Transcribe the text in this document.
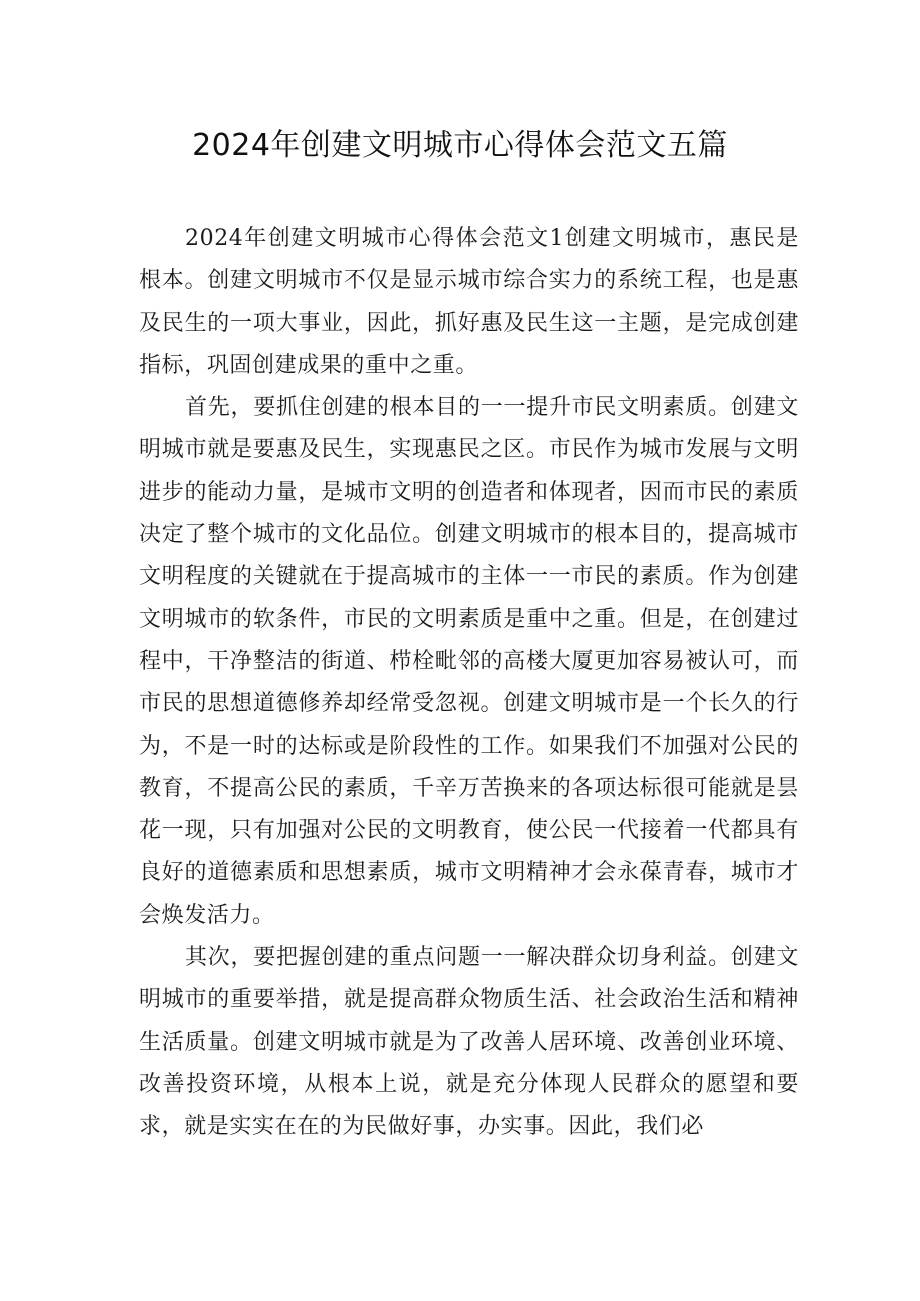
2024年创建文明城市心得体会范文五篇

2024年创建文明城市心得体会范文1创建文明城市，惠民是根本。创建文明城市不仅是显示城市综合实力的系统工程，也是惠及民生的一项大事业，因此，抓好惠及民生这一主题，是完成创建指标，巩固创建成果的重中之重。

首先，要抓住创建的根本目的一一提升市民文明素质。创建文明城市就是要惠及民生，实现惠民之区。市民作为城市发展与文明进步的能动力量，是城市文明的创造者和体现者，因而市民的素质决定了整个城市的文化品位。创建文明城市的根本目的，提高城市文明程度的关键就在于提高城市的主体一一市民的素质。作为创建文明城市的软条件，市民的文明素质是重中之重。但是，在创建过程中，干净整洁的街道、栉栓毗邻的高楼大厦更加容易被认可，而市民的思想道德修养却经常受忽视。创建文明城市是一个长久的行为，不是一时的达标或是阶段性的工作。如果我们不加强对公民的教育，不提高公民的素质，千辛万苦换来的各项达标很可能就是昙花一现，只有加强对公民的文明教育，使公民一代接着一代都具有良好的道德素质和思想素质，城市文明精神才会永葆青春，城市才会焕发活力。

其次，要把握创建的重点问题一一解决群众切身利益。创建文明城市的重要举措，就是提高群众物质生活、社会政治生活和精神生活质量。创建文明城市就是为了改善人居环境、改善创业环境、改善投资环境，从根本上说，就是充分体现人民群众的愿望和要求，就是实实在在的为民做好事，办实事。因此，我们必
